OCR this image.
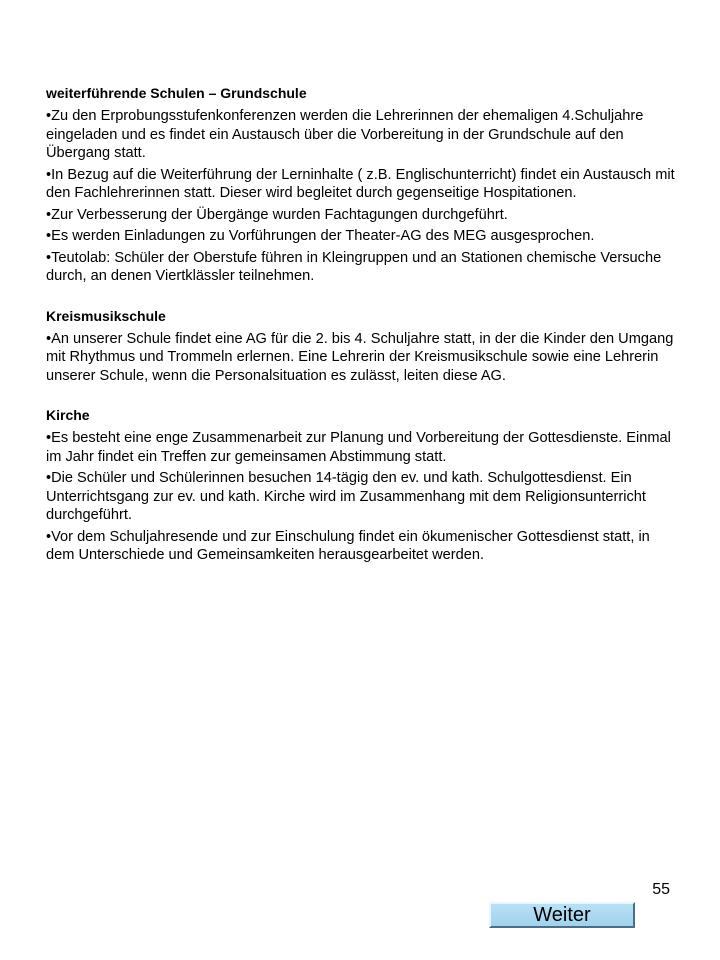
weiterführende Schulen – Grundschule

•Zu den Erprobungsstufenkonferenzen werden die Lehrerinnen der ehemaligen 4.Schuljahre eingeladen und es findet ein Austausch über die Vorbereitung in der Grundschule auf den Übergang statt.

•In Bezug auf die Weiterführung der Lerninhalte ( z.B. Englischunterricht) findet ein Austausch mit den Fachlehrerinnen statt. Dieser wird begleitet durch gegenseitige Hospitationen.

•Zur Verbesserung der Übergänge wurden Fachtagungen durchgeführt.

•Es werden Einladungen zu Vorführungen der Theater-AG des MEG ausgesprochen.

•Teutolab: Schüler der Oberstufe führen in Kleingruppen und an Stationen chemische Versuche durch, an denen Viertklässler teilnehmen.

Kreismusikschule

•An unserer Schule findet eine AG für die 2. bis 4. Schuljahre statt, in der die Kinder den Umgang mit Rhythmus und Trommeln erlernen. Eine Lehrerin der Kreismusikschule sowie eine Lehrerin unserer Schule, wenn die Personalsituation es zulässt, leiten diese AG.

Kirche

•Es besteht eine enge Zusammenarbeit zur Planung und Vorbereitung der Gottesdienste. Einmal im Jahr findet ein Treffen zur gemeinsamen Abstimmung statt.

•Die Schüler und Schülerinnen besuchen 14-tägig den ev. und kath. Schulgottesdienst. Ein Unterrichtsgang zur ev. und kath. Kirche wird im Zusammenhang mit dem Religionsunterricht durchgeführt.

•Vor dem Schuljahresende und zur Einschulung findet ein ökumenischer Gottesdienst statt, in dem Unterschiede und Gemeinsamkeiten herausgearbeitet werden.

55
Weiter
